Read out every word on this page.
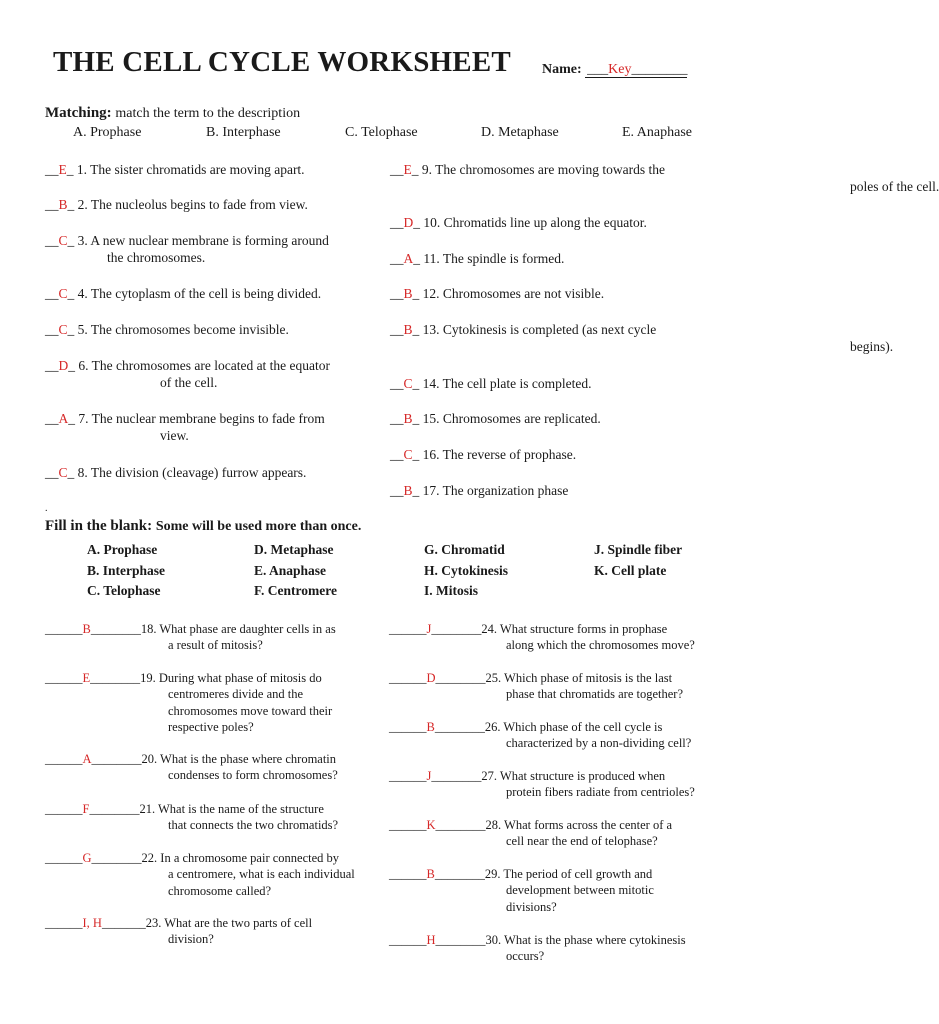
THE CELL CYCLE WORKSHEET Name: ___Key________
Matching: match the term to the description
A. Prophase	B. Interphase	C. Telophase	D. Metaphase	E. Anaphase
__E_ 1. The sister chromatids are moving apart.
__B_ 2. The nucleolus begins to fade from view.
__C_ 3. A new nuclear membrane is forming around
the chromosomes.
__C_ 4. The cytoplasm of the cell is being divided.
__C_ 5. The chromosomes become invisible.
__D_ 6. The chromosomes are located at the equator
of the cell.
__A_ 7. The nuclear membrane begins to fade from
view.
__C_ 8. The division (cleavage) furrow appears.
__E_ 9. The chromosomes are moving towards the
poles of the cell.
__D_ 10. Chromatids line up along the equator.
__A_ 11. The spindle is formed.
__B_ 12. Chromosomes are not visible.
__B_ 13. Cytokinesis is completed (as next cycle
begins).
__C_ 14. The cell plate is completed.
__B_ 15. Chromosomes are replicated.
__C_ 16. The reverse of prophase.
__B_ 17. The organization phase
.
Fill in the blank: Some will be used more than once.
A. Prophase	D. Metaphase	G. Chromatid	J. Spindle fiber
B. Interphase	E. Anaphase	H. Cytokinesis	K. Cell plate
C. Telophase	F. Centromere	I. Mitosis
______B________18. What phase are daughter cells in as
a result of mitosis?
______E________19. During what phase of mitosis do
centromeres divide and the
chromosomes move toward their
respective poles?
______A________20. What is the phase where chromatin
condenses to form chromosomes?
______F________21. What is the name of the structure
that connects the two chromatids?
______G________22. In a chromosome pair connected by
a centromere, what is each individual
chromosome called?
______I, H_______23. What are the two parts of cell
division?
______J________24. What structure forms in prophase
along which the chromosomes move?
______D________25. Which phase of mitosis is the last
phase that chromatids are together?
______B________26. Which phase of the cell cycle is
characterized by a non-dividing cell?
______J________27. What structure is produced when
protein fibers radiate from centrioles?
______K________28. What forms across the center of a
cell near the end of telophase?
______B________29. The period of cell growth and
development between mitotic
divisions?
______H________30. What is the phase where cytokinesis
occurs?
